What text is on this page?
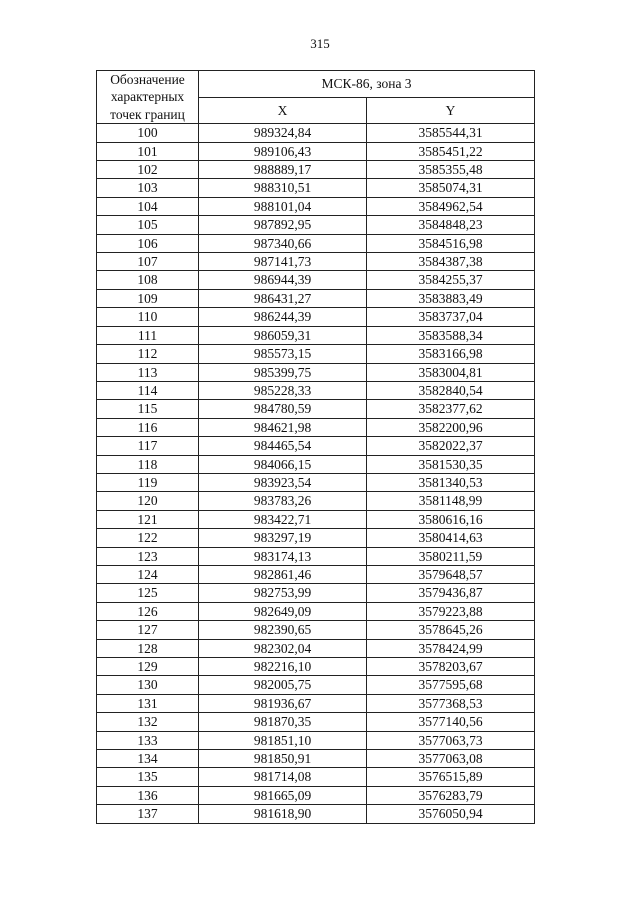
315
Обозначение характерных точек границ	МСК-86, зона 3	
	X	Y
100	989324,84	3585544,31
101	989106,43	3585451,22
102	988889,17	3585355,48
103	988310,51	3585074,31
104	988101,04	3584962,54
105	987892,95	3584848,23
106	987340,66	3584516,98
107	987141,73	3584387,38
108	986944,39	3584255,37
109	986431,27	3583883,49
110	986244,39	3583737,04
111	986059,31	3583588,34
112	985573,15	3583166,98
113	985399,75	3583004,81
114	985228,33	3582840,54
115	984780,59	3582377,62
116	984621,98	3582200,96
117	984465,54	3582022,37
118	984066,15	3581530,35
119	983923,54	3581340,53
120	983783,26	3581148,99
121	983422,71	3580616,16
122	983297,19	3580414,63
123	983174,13	3580211,59
124	982861,46	3579648,57
125	982753,99	3579436,87
126	982649,09	3579223,88
127	982390,65	3578645,26
128	982302,04	3578424,99
129	982216,10	3578203,67
130	982005,75	3577595,68
131	981936,67	3577368,53
132	981870,35	3577140,56
133	981851,10	3577063,73
134	981850,91	3577063,08
135	981714,08	3576515,89
136	981665,09	3576283,79
137	981618,90	3576050,94
